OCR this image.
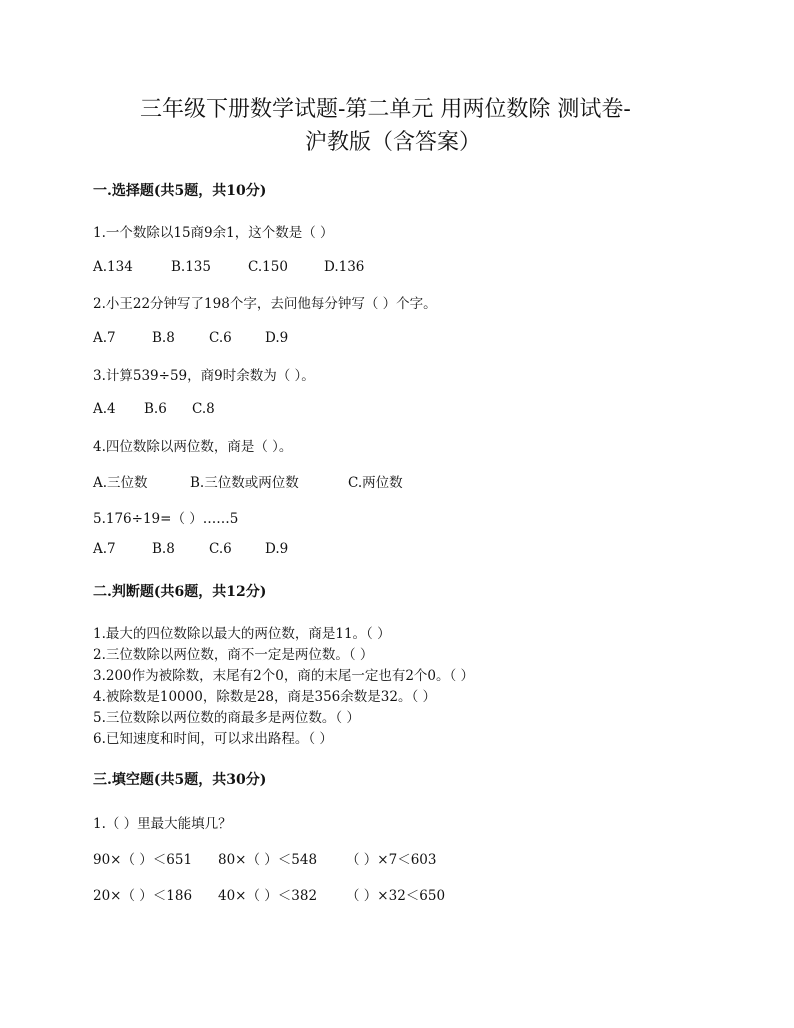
三年级下册数学试题-第二单元 用两位数除 测试卷-
沪教版（含答案）
一.选择题(共5题，共10分)
1.一个数除以15商9余1，这个数是（ ）
A.134	B.135	C.150	D.136
2.小王22分钟写了198个字，去问他每分钟写（ ）个字。
A.7	B.8	C.6 D.9
3.计算539÷59，商9时余数为（ ）。
A.4 B.6 C.8
4.四位数除以两位数，商是（ ）。
A.三位数	B.三位数或两位数	C.两位数
5.176÷19=（ ）……5
A.7	B.8	C.6 D.9
二.判断题(共6题，共12分)
1.最大的四位数除以最大的两位数，商是11。（ ）
2.三位数除以两位数，商不一定是两位数。（ ）
3.200作为被除数，末尾有2个0，商的末尾一定也有2个0。（ ）
4.被除数是10000，除数是28，商是356余数是32。（ ）
5.三位数除以两位数的商最多是两位数。（ ）
6.已知速度和时间，可以求出路程。（ ）
三.填空题(共5题，共30分)
1.（ ）里最大能填几？
90×（ ）＜651 80×（ ）＜548 （ ）×7＜603
20×（ ）＜186 40×（ ）＜382 （ ）×32＜650
